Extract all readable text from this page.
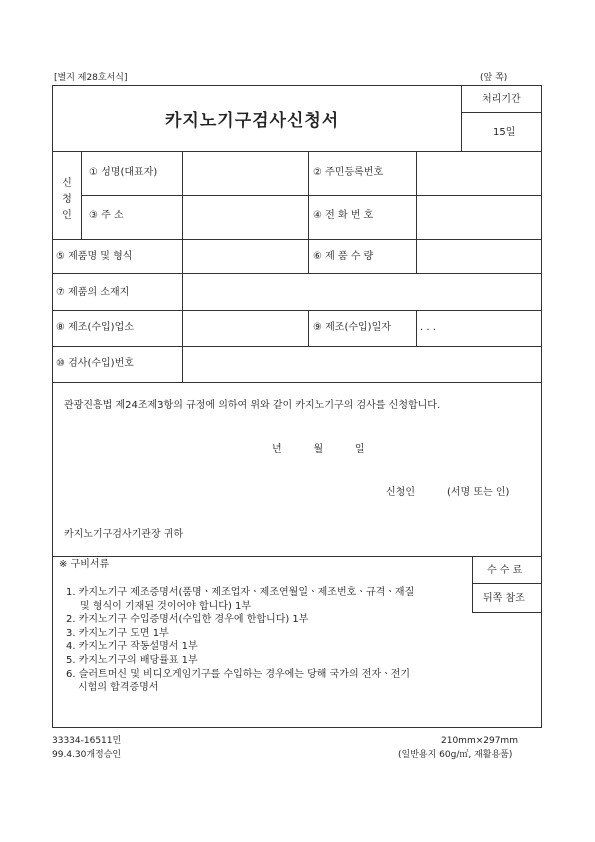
[별지 제28호서식]	(앞 쪽)
카지노기구검사신청서
처리기간
15일
신
청
인
① 성명(대표자)	② 주민등록번호
③ 주 소	④ 전 화 번 호
⑤ 제품명 및 형식	⑥ 제 품 수 량
⑦ 제품의 소재지
⑧ 제조(수입)업소	⑨ 제조(수입)일자	. . .
⑩ 검사(수입)번호
관광진흥법 제24조제3항의 규정에 의하여 위와 같이 카지노기구의 검사를 신청합니다.
년          월          일
신청인	(서명 또는 인)
카지노기구검사기관장 귀하
※ 구비서류
수 수 료
뒤쪽 참조
1. 카지노기구 제조증명서(품명ㆍ제조업자ㆍ제조연월일ㆍ제조번호ㆍ규격ㆍ재질
및 형식이 기재된 것이어야 합니다) 1부
2. 카지노기구 수입증명서(수입한 경우에 한합니다) 1부
3. 카지노기구 도면 1부
4. 카지노기구 작동설명서 1부
5. 카지노기구의 배당률표 1부
6. 슬러트머신 및 비디오게임기구를 수입하는 경우에는 당해 국가의 전자ㆍ전기
시험의 합격증명서
33334-16511민
99.4.30개정승인
210mm×297mm
(일반용지 60g/㎡, 재활용품)
